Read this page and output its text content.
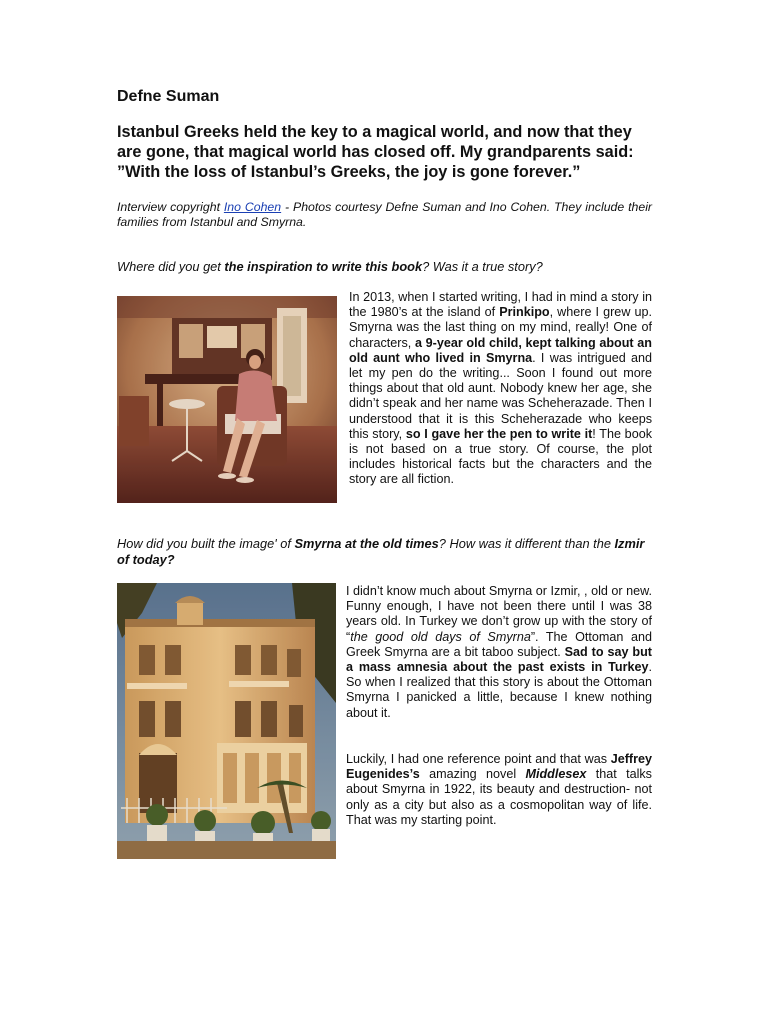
Defne Suman
Istanbul Greeks held the key to a magical world, and now that they are gone, that magical world has closed off. My grandparents said: ”With the loss of Istanbul’s Greeks, the joy is gone forever.”
Interview copyright Ino Cohen - Photos courtesy Defne Suman and Ino Cohen. They include their families from Istanbul and Smyrna.
Where did you get the inspiration to write this book? Was it a true story?

In 2013, when I started writing, I had in mind a story in the 1980’s at the island of Prinkipo, where I grew up. Smyrna was the last thing on my mind, really! One of characters, a 9-year old child, kept talking about an old aunt who lived in Smyrna. I was intrigued and let my pen do the writing... Soon I found out more things about that old aunt. Nobody knew her age, she didn’t speak and her name was Scheherazade. Then I understood that it is this Scheherazade who keeps this story, so I gave her the pen to write it! The book is not based on a true story. Of course, the plot includes historical facts but the characters and the story are all fiction.

How did you built the image' of Smyrna at the old times? How was it different than the Izmir of today?

I didn’t know much about Smyrna or Izmir, , old or new. Funny enough, I have not been there until I was 38 years old. In Turkey we don’t grow up with the story of “the good old days of Smyrna”. The Ottoman and Greek Smyrna are a bit taboo subject. Sad to say but a mass amnesia about the past exists in Turkey. So when I realized that this story is about the Ottoman Smyrna I panicked a little, because I knew nothing about it.

Luckily, I had one reference point and that was Jeffrey Eugenides’s amazing novel Middlesex that talks about Smyrna in 1922, its beauty and destruction- not only as a city but also as a cosmopolitan way of life. That was my starting point.
